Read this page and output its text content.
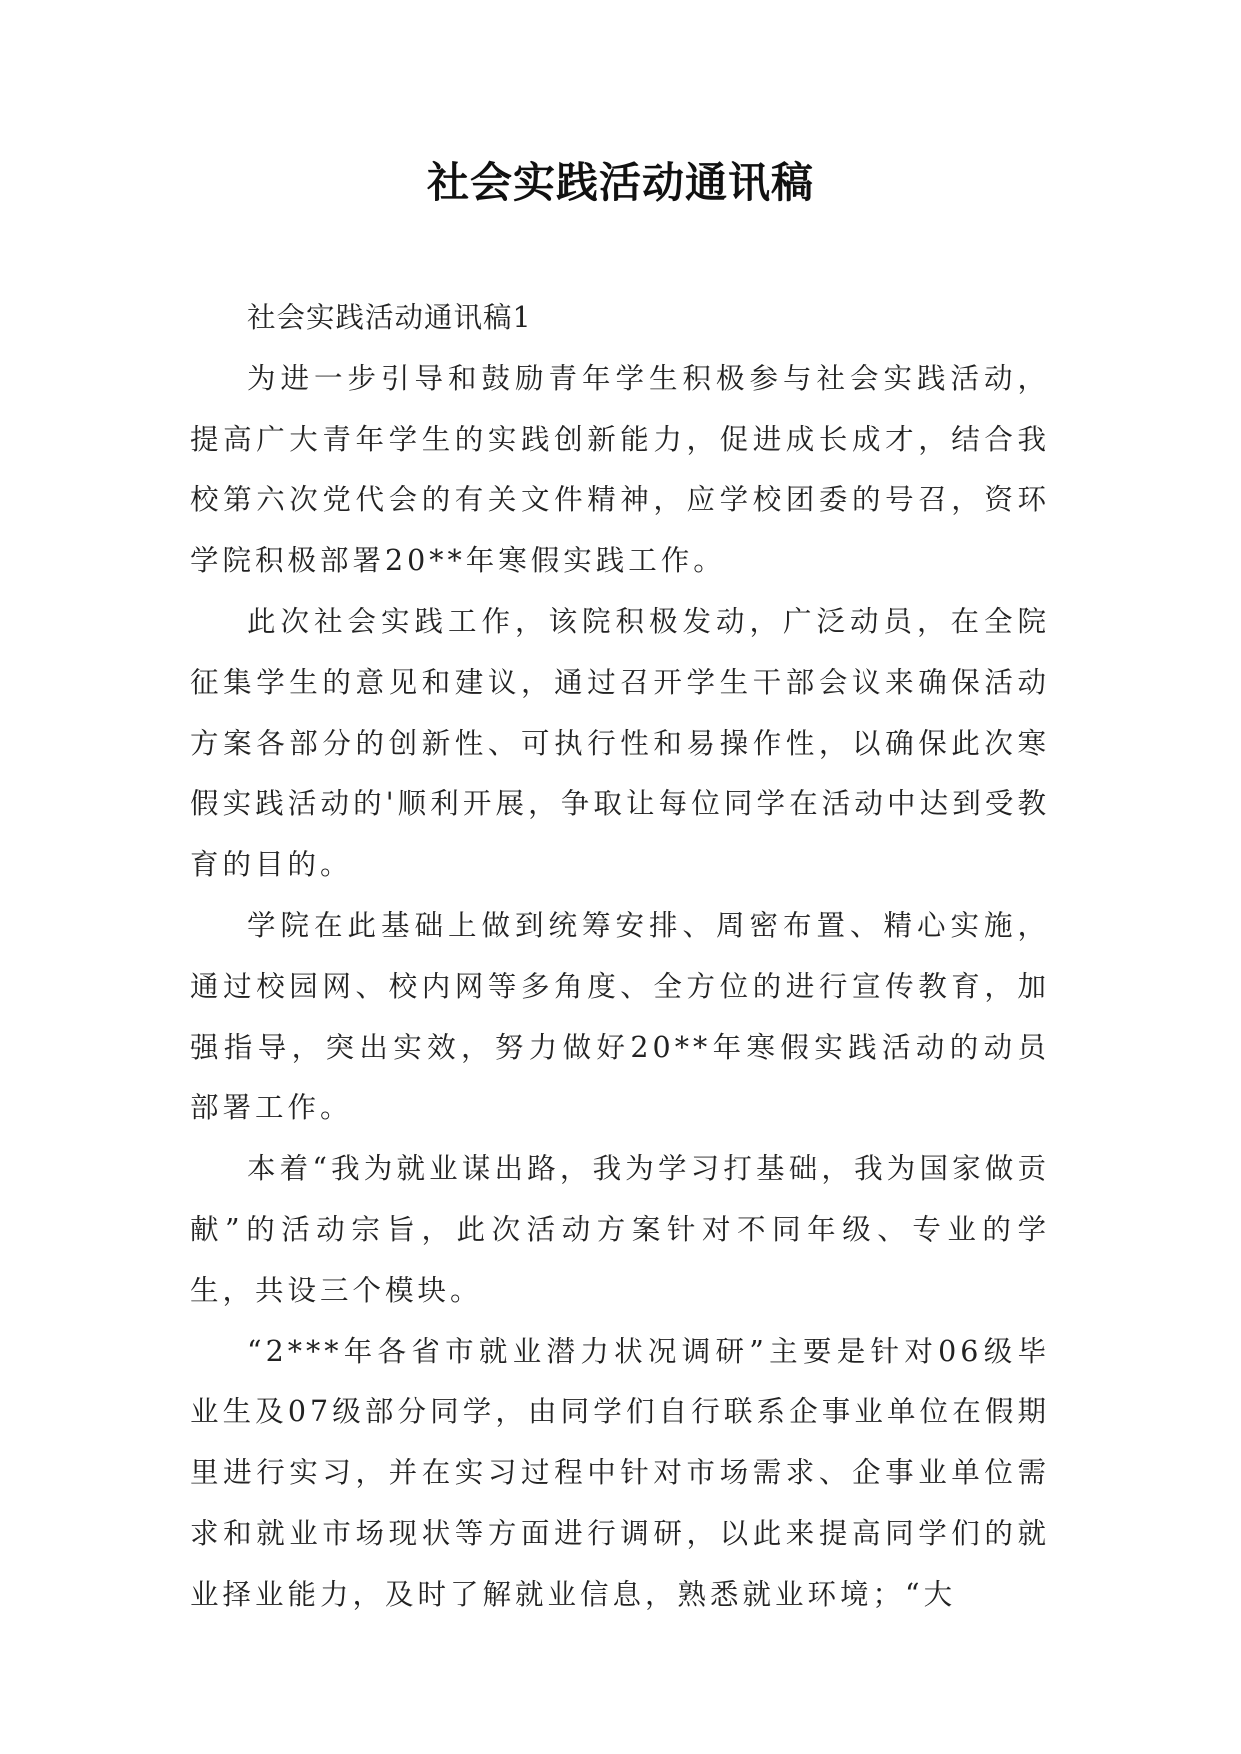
社会实践活动通讯稿

社会实践活动通讯稿1

为进一步引导和鼓励青年学生积极参与社会实践活动，提高广大青年学生的实践创新能力，促进成长成才，结合我校第六次党代会的有关文件精神，应学校团委的号召，资环学院积极部署20**年寒假实践工作。

此次社会实践工作，该院积极发动，广泛动员，在全院征集学生的意见和建议，通过召开学生干部会议来确保活动方案各部分的创新性、可执行性和易操作性，以确保此次寒假实践活动的'顺利开展，争取让每位同学在活动中达到受教育的目的。

学院在此基础上做到统筹安排、周密布置、精心实施，通过校园网、校内网等多角度、全方位的进行宣传教育，加强指导，突出实效，努力做好20**年寒假实践活动的动员部署工作。

本着“我为就业谋出路，我为学习打基础，我为国家做贡献”的活动宗旨，此次活动方案针对不同年级、专业的学生，共设三个模块。

“2***年各省市就业潜力状况调研”主要是针对06级毕业生及07级部分同学，由同学们自行联系企事业单位在假期里进行实习，并在实习过程中针对市场需求、企事业单位需求和就业市场现状等方面进行调研，以此来提高同学们的就业择业能力，及时了解就业信息，熟悉就业环境；“大
